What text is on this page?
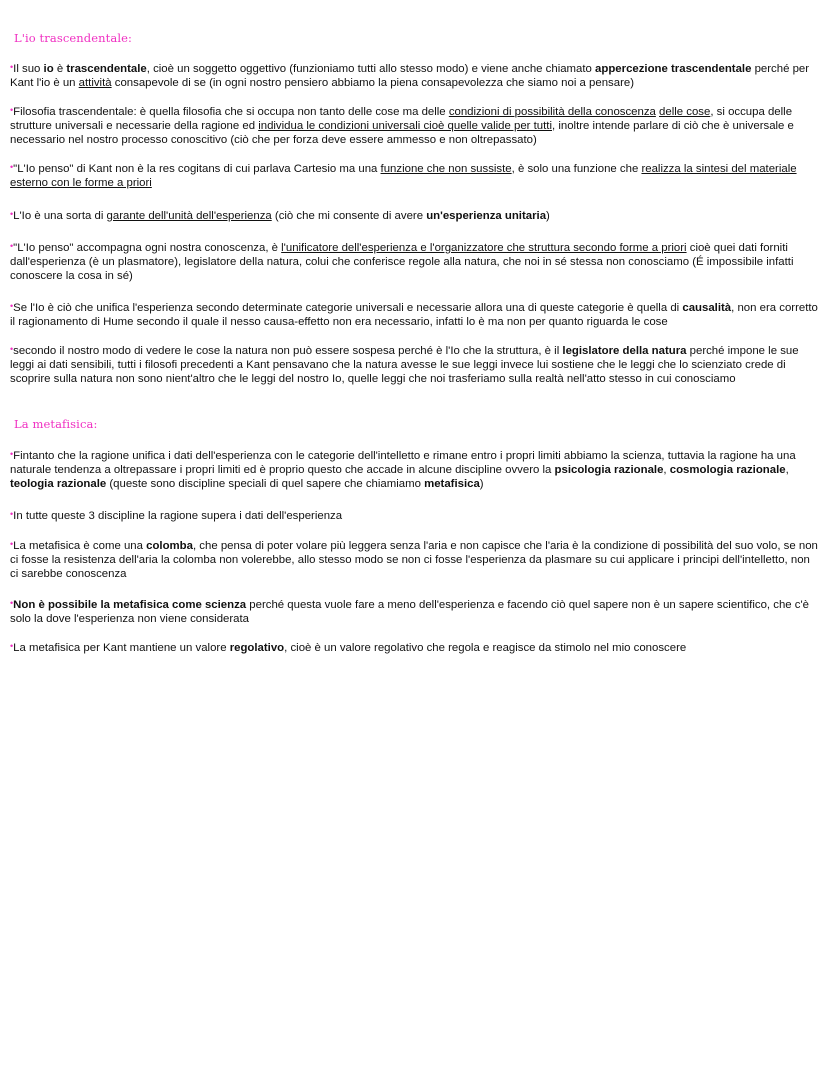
L'io trascendentale:
•Il suo io è trascendentale, cioè un soggetto oggettivo (funzioniamo tutti allo stesso modo) e viene anche chiamato appercezione trascendentale perché per Kant l'io è un attività consapevole di se (in ogni nostro pensiero abbiamo la piena consapevolezza che siamo noi a pensare)
•Filosofia trascendentale: è quella filosofia che si occupa non tanto delle cose ma delle condizioni di possibilità della conoscenza delle cose, si occupa delle strutture universali e necessarie della ragione ed individua le condizioni universali cioè quelle valide per tutti, inoltre intende parlare di ciò che è universale e necessario nel nostro processo conoscitivo (ciò che per forza deve essere ammesso e non oltrepassato)
•"L'Io penso" di Kant non è la res cogitans di cui parlava Cartesio ma una funzione che non sussiste, è solo una funzione che realizza la sintesi del materiale esterno con le forme a priori
•L'Io è una sorta di garante dell'unità dell'esperienza (ciò che mi consente di avere un'esperienza unitaria)
•"L'Io penso" accompagna ogni nostra conoscenza, è l'unificatore dell'esperienza e l'organizzatore che struttura secondo forme a priori cioè quei dati forniti dall'esperienza (è un plasmatore), legislatore della natura, colui che conferisce regole alla natura, che noi in sé stessa non conosciamo (É impossibile infatti conoscere la cosa in sé)
•Se l'Io è ciò che unifica l'esperienza secondo determinate categorie universali e necessarie allora una di queste categorie è quella di causalità, non era corretto il ragionamento di Hume secondo il quale il nesso causa-effetto non era necessario, infatti lo è ma non per quanto riguarda le cose
•secondo il nostro modo di vedere le cose la natura non può essere sospesa perché è l'Io che la struttura, è il legislatore della natura perché impone le sue leggi ai dati sensibili, tutti i filosofi precedenti a Kant pensavano che la natura avesse le sue leggi invece lui sostiene che le leggi che lo scienziato crede di scoprire sulla natura non sono nient'altro che le leggi del nostro Io, quelle leggi che noi trasferiamo sulla realtà nell'atto stesso in cui conosciamo
La metafisica:
•Fintanto che la ragione unifica i dati dell'esperienza con le categorie dell'intelletto e rimane entro i propri limiti abbiamo la scienza, tuttavia la ragione ha una naturale tendenza a oltrepassare i propri limiti ed è proprio questo che accade in alcune discipline ovvero la psicologia razionale, cosmologia razionale, teologia razionale (queste sono discipline speciali di quel sapere che chiamiamo metafisica)
•In tutte queste 3 discipline la ragione supera i dati dell'esperienza
•La metafisica è come una colomba, che pensa di poter volare più leggera senza l'aria e non capisce che l'aria è la condizione di possibilità del suo volo, se non ci fosse la resistenza dell'aria la colomba non volerebbe, allo stesso modo se non ci fosse l'esperienza da plasmare su cui applicare i principi dell'intelletto, non ci sarebbe conoscenza
•Non è possibile la metafisica come scienza perché questa vuole fare a meno dell'esperienza e facendo ciò quel sapere non è un sapere scientifico, che c'è solo la dove l'esperienza non viene considerata
•La metafisica per Kant mantiene un valore regolativo, cioè è un valore regolativo che regola e reagisce da stimolo nel mio conoscere
